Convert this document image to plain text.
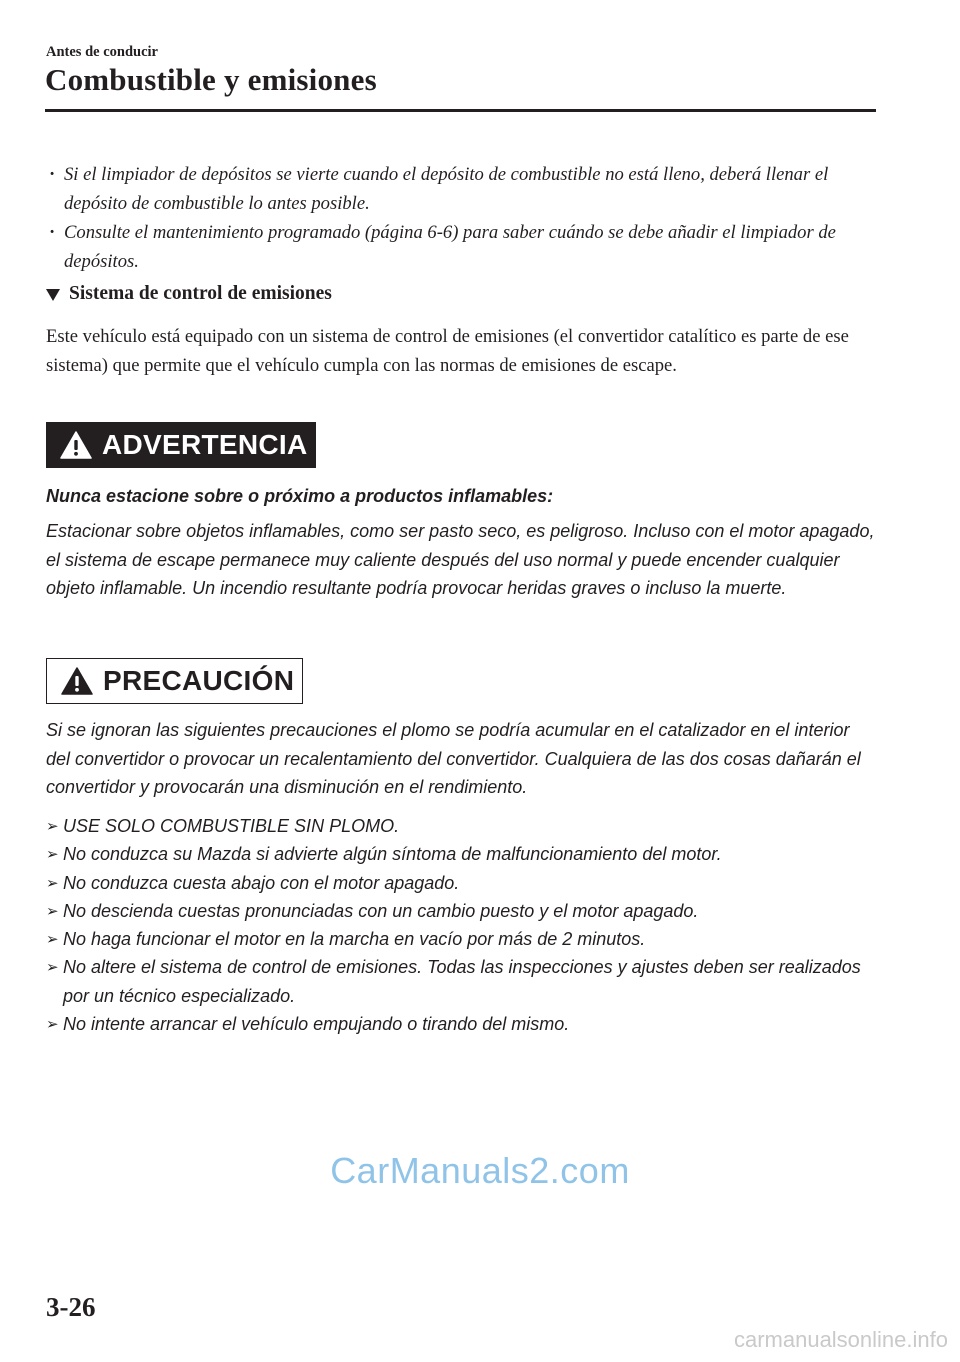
Antes de conducir
Combustible y emisiones
· Si el limpiador de depósitos se vierte cuando el depósito de combustible no está lleno, deberá llenar el depósito de combustible lo antes posible.
· Consulte el mantenimiento programado (página 6-6) para saber cuándo se debe añadir el limpiador de depósitos.
Sistema de control de emisiones

Este vehículo está equipado con un sistema de control de emisiones (el convertidor catalítico es parte de ese sistema) que permite que el vehículo cumpla con las normas de emisiones de escape.

ADVERTENCIA
Nunca estacione sobre o próximo a productos inflamables:

Estacionar sobre objetos inflamables, como ser pasto seco, es peligroso. Incluso con el motor apagado, el sistema de escape permanece muy caliente después del uso normal y puede encender cualquier objeto inflamable. Un incendio resultante podría provocar heridas graves o incluso la muerte.

PRECAUCIÓN

Si se ignoran las siguientes precauciones el plomo se podría acumular en el catalizador en el interior del convertidor o provocar un recalentamiento del convertidor. Cualquiera de las dos cosas dañarán el convertidor y provocarán una disminución en el rendimiento.

➢ USE SOLO COMBUSTIBLE SIN PLOMO.
➢ No conduzca su Mazda si advierte algún síntoma de malfuncionamiento del motor.
➢ No conduzca cuesta abajo con el motor apagado.
➢ No descienda cuestas pronunciadas con un cambio puesto y el motor apagado.
➢ No haga funcionar el motor en la marcha en vacío por más de 2 minutos.
➢ No altere el sistema de control de emisiones. Todas las inspecciones y ajustes deben ser realizados por un técnico especializado.
➢ No intente arrancar el vehículo empujando o tirando del mismo.
CarManuals2.com
3-26
carmanualsonline.info
